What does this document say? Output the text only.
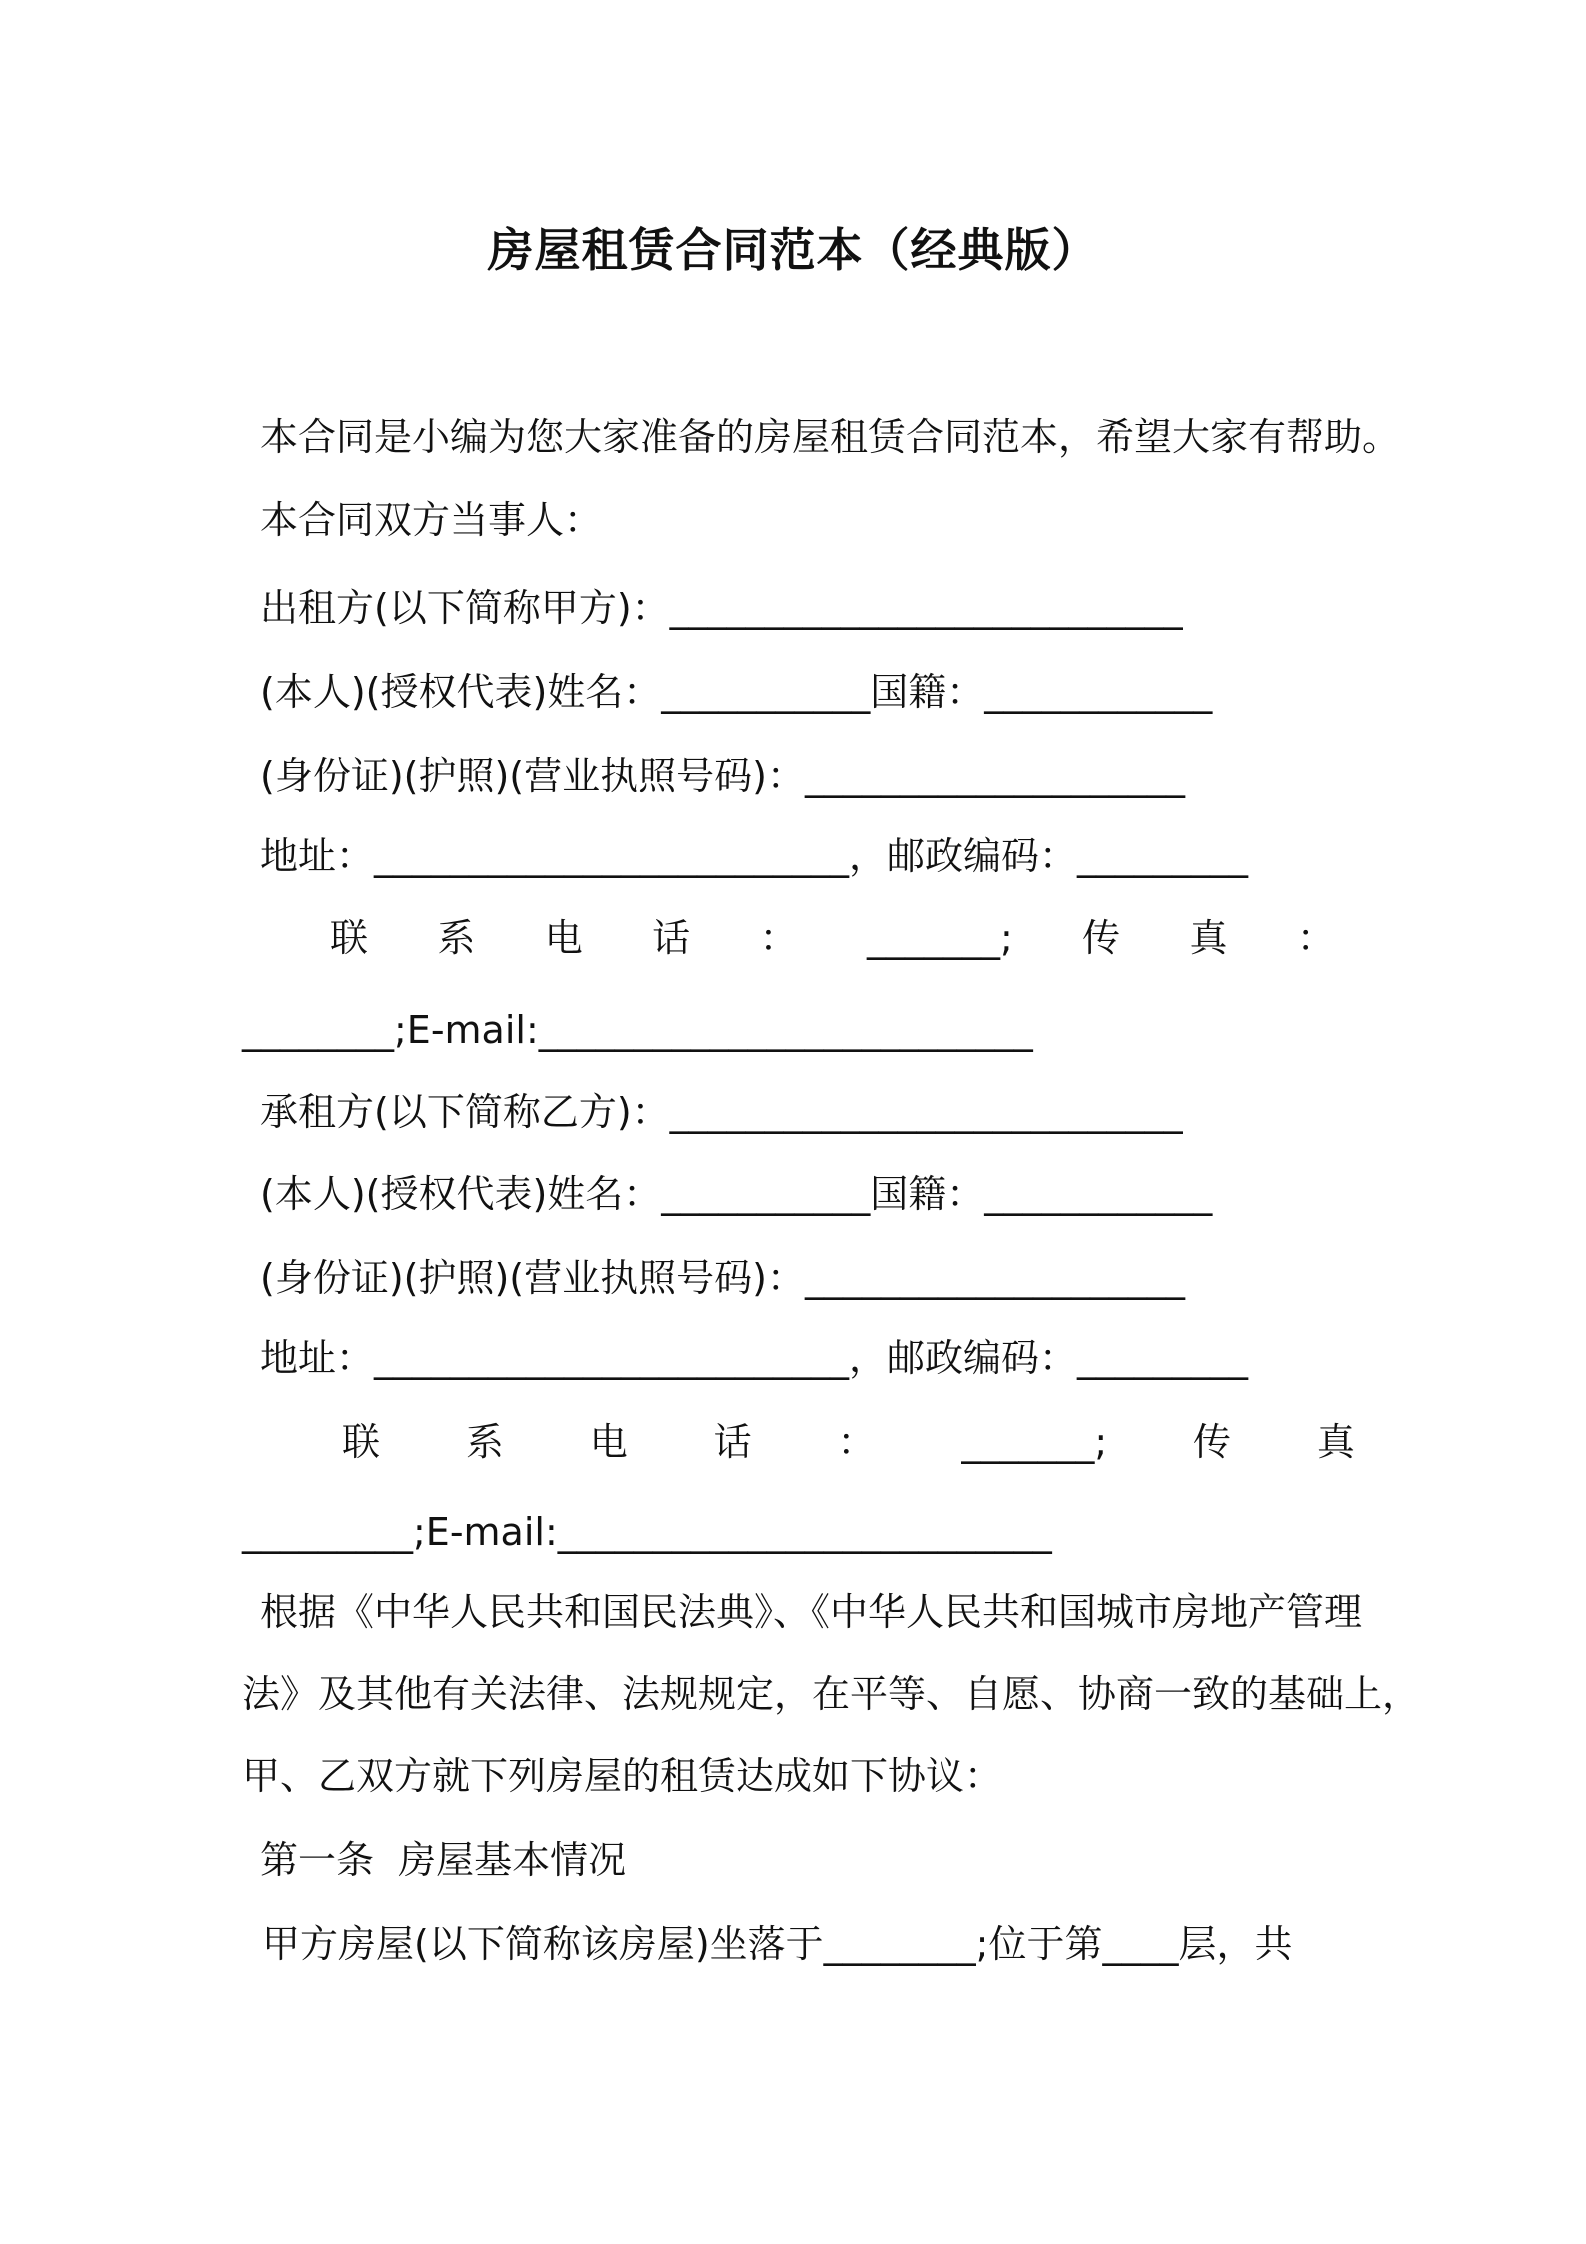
房屋租赁合同范本（经典版）
本合同是小编为您大家准备的房屋租赁合同范本，希望大家有帮助。
本合同双方当事人：
出租方(以下简称甲方)：___________________________
(本人)(授权代表)姓名：___________国籍：____________
(身份证)(护照)(营业执照号码)：____________________
地址：_________________________，邮政编码：_________
联 系 电 话 ： _______; 传 真 ：
________;E-mail:__________________________
承租方(以下简称乙方)：___________________________
(本人)(授权代表)姓名：___________国籍：____________
(身份证)(护照)(营业执照号码)：____________________
地址：_________________________，邮政编码：_________
联 系 电 话 ： _______; 传 真
_________;E-mail:__________________________
根据《中华人民共和国民法典》、《中华人民共和国城市房地产管理
法》及其他有关法律、法规规定，在平等、自愿、协商一致的基础上，
甲、乙双方就下列房屋的租赁达成如下协议：
第一条  房屋基本情况
甲方房屋(以下简称该房屋)坐落于________;位于第____层，共
